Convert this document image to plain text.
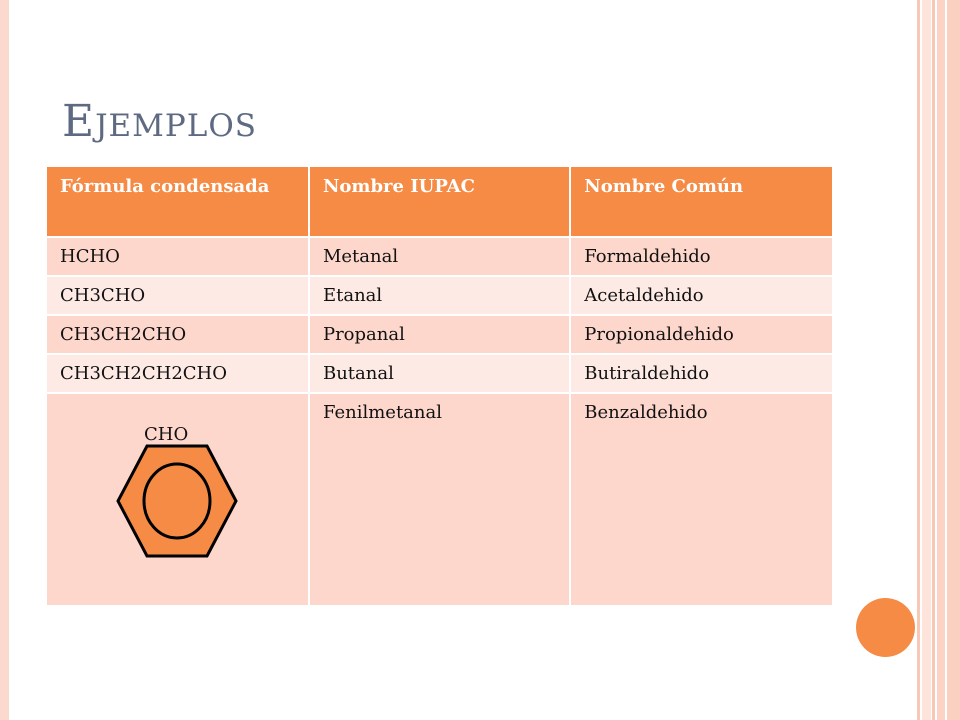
Ejemplos
Fórmula condensada	Nombre IUPAC	Nombre Común
HCHO	Metanal	Formaldehido
CH3CHO	Etanal	Acetaldehido
CH3CH2CHO	Propanal	Propionaldehido
CH3CH2CH2CHO	Butanal	Butiraldehido

CHO	Fenilmetanal	Benzaldehido
